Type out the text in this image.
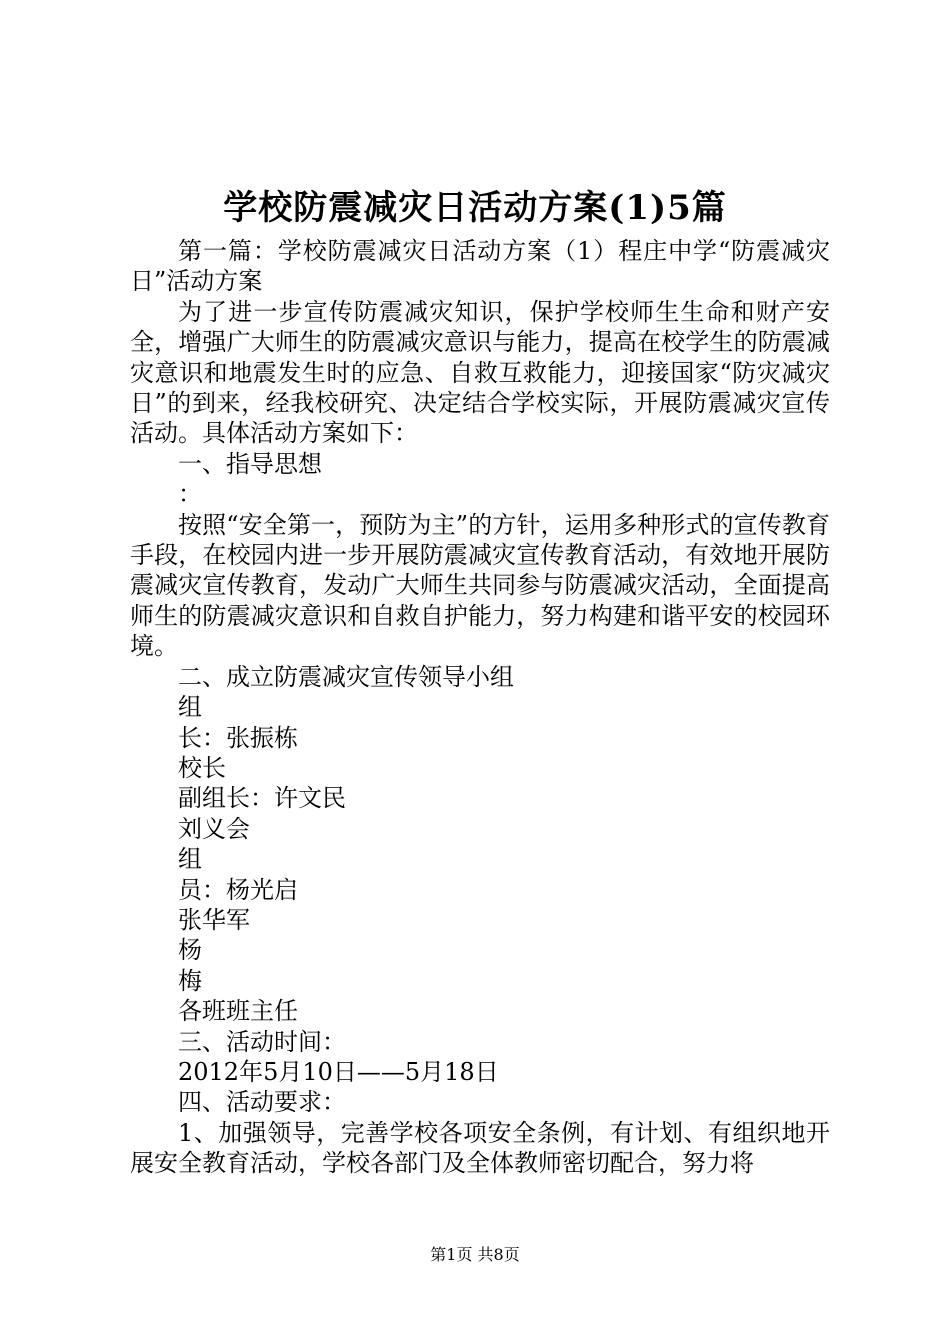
学校防震减灾日活动方案(1)5篇

第一篇：学校防震减灾日活动方案（1）程庄中学“防震减灾日”活动方案

为了进一步宣传防震减灾知识，保护学校师生生命和财产安全，增强广大师生的防震减灾意识与能力，提高在校学生的防震减灾意识和地震发生时的应急、自救互救能力，迎接国家“防灾减灾日”的到来，经我校研究、决定结合学校实际，开展防震减灾宣传活动。具体活动方案如下：

一、指导思想

：

按照“安全第一，预防为主”的方针，运用多种形式的宣传教育手段，在校园内进一步开展防震减灾宣传教育活动，有效地开展防震减灾宣传教育，发动广大师生共同参与防震减灾活动，全面提高师生的防震减灾意识和自救自护能力，努力构建和谐平安的校园环境。

二、成立防震减灾宣传领导小组

组

长：张振栋

校长

副组长：许文民

刘义会

组

员：杨光启

张华军

杨

梅

各班班主任

三、活动时间：

2012年5月10日——5月18日

四、活动要求：

1、加强领导，完善学校各项安全条例，有计划、有组织地开展安全教育活动，学校各部门及全体教师密切配合，努力将

第1页 共8页
